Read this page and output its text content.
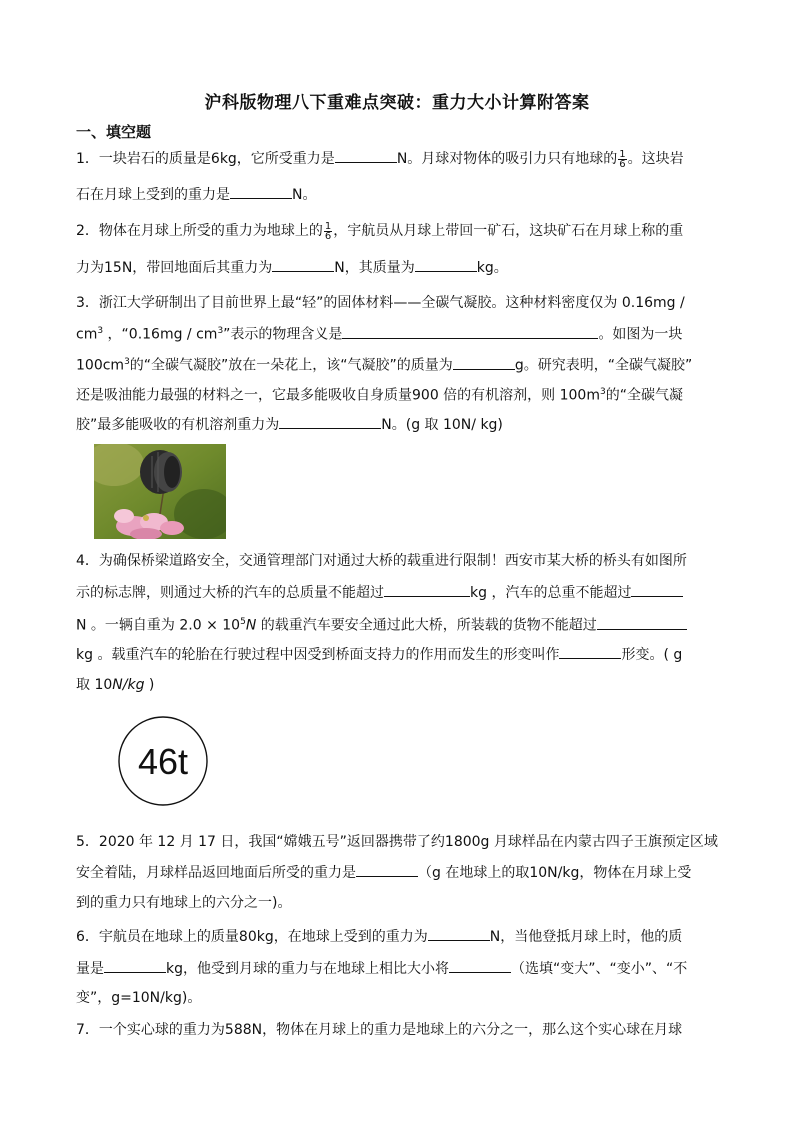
沪科版物理八下重难点突破：重力大小计算附答案
一、填空题
1．一块岩石的质量是6kg，它所受重力是	N。月球对物体的吸引力只有地球的 $\frac{1}{6}$ 。这块岩
石在月球上受到的重力是	N。
2．物体在月球上所受的重力为地球上的 $\frac{1}{6}$ ，宇航员从月球上带回一矿石，这块矿石在月球上称的重
力为15N，带回地面后其重力为	N，其质量为	kg。
3．浙江大学研制出了目前世界上最“轻”的固体材料——全碳气凝胶。这种材料密度仅为 0.16mg /
$cm^3$ ，“$0.16mg / cm^3$”表示的物理含义是	。如图为一块
$100cm^3$的“全碳气凝胶”放在一朵花上，该“气凝胶”的质量为	g。研究表明，“全碳气凝胶”
还是吸油能力最强的材料之一，它最多能吸收自身质量900 倍的有机溶剂，则 $100m^3$的“全碳气凝
胶”最多能吸收的有机溶剂重力为	N。(g 取 10N/ kg)
4．为确保桥梁道路安全，交通管理部门对通过大桥的载重进行限制！西安市某大桥的桥头有如图所
示的标志牌，则通过大桥的汽车的总质量不能超过	kg ，汽车的总重不能超过
N 。一辆自重为 $2.0 \times 10^5N$ 的载重汽车要安全通过此大桥，所装载的货物不能超过
kg 。载重汽车的轮胎在行驶过程中因受到桥面支持力的作用而发生的形变叫作	形变。( g
取 10N/kg )
46t
5．2020 年 12 月 17 日，我国“嫦娥五号”返回器携带了约1800g 月球样品在内蒙古四子王旗预定区域
安全着陆，月球样品返回地面后所受的重力是	（g 在地球上的取10N/kg，物体在月球上受
到的重力只有地球上的六分之一)。
6．宇航员在地球上的质量80kg，在地球上受到的重力为	N，当他登抵月球上时，他的质
量是	kg，他受到月球的重力与在地球上相比大小将	（选填“变大”、“变小”、“不
变”，g=10N/kg)。
7．一个实心球的重力为588N，物体在月球上的重力是地球上的六分之一，那么这个实心球在月球
